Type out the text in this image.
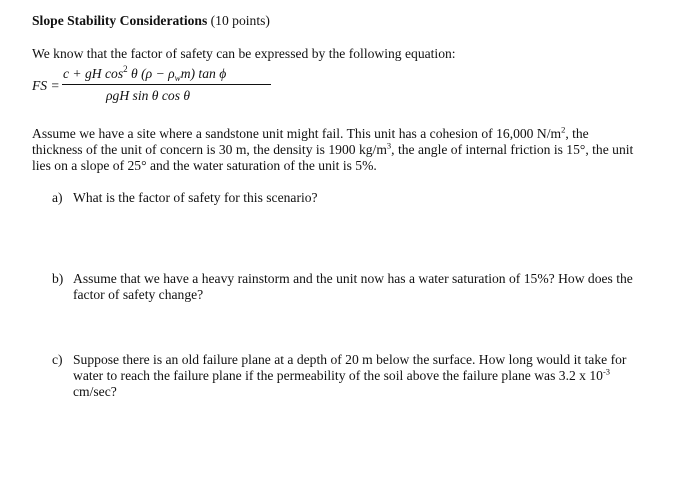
Slope Stability Considerations (10 points)
We know that the factor of safety can be expressed by the following equation:
FS =
c + gH $\cos^2 \theta$ $(\rho - \rho_wm)$ tan ϕ
ρgH sin θ cos θ
Assume we have a site where a sandstone unit might fail. This unit has a cohesion of 16,000 $N/m^2$, the
thickness of the unit of concern is 30 m, the density is 1900 $kg/m^3$, the angle of internal friction is 15°, the unit
lies on a slope of 25° and the water saturation of the unit is 5%.
a) What is the factor of safety for this scenario?
b) Assume that we have a heavy rainstorm and the unit now has a water saturation of 15%? How does the
factor of safety change?
c) Suppose there is an old failure plane at a depth of 20 m below the surface. How long would it take for
water to reach the failure plane if the permeability of the soil above the failure plane was 3.2 x $10^{-3}$
cm/sec?
